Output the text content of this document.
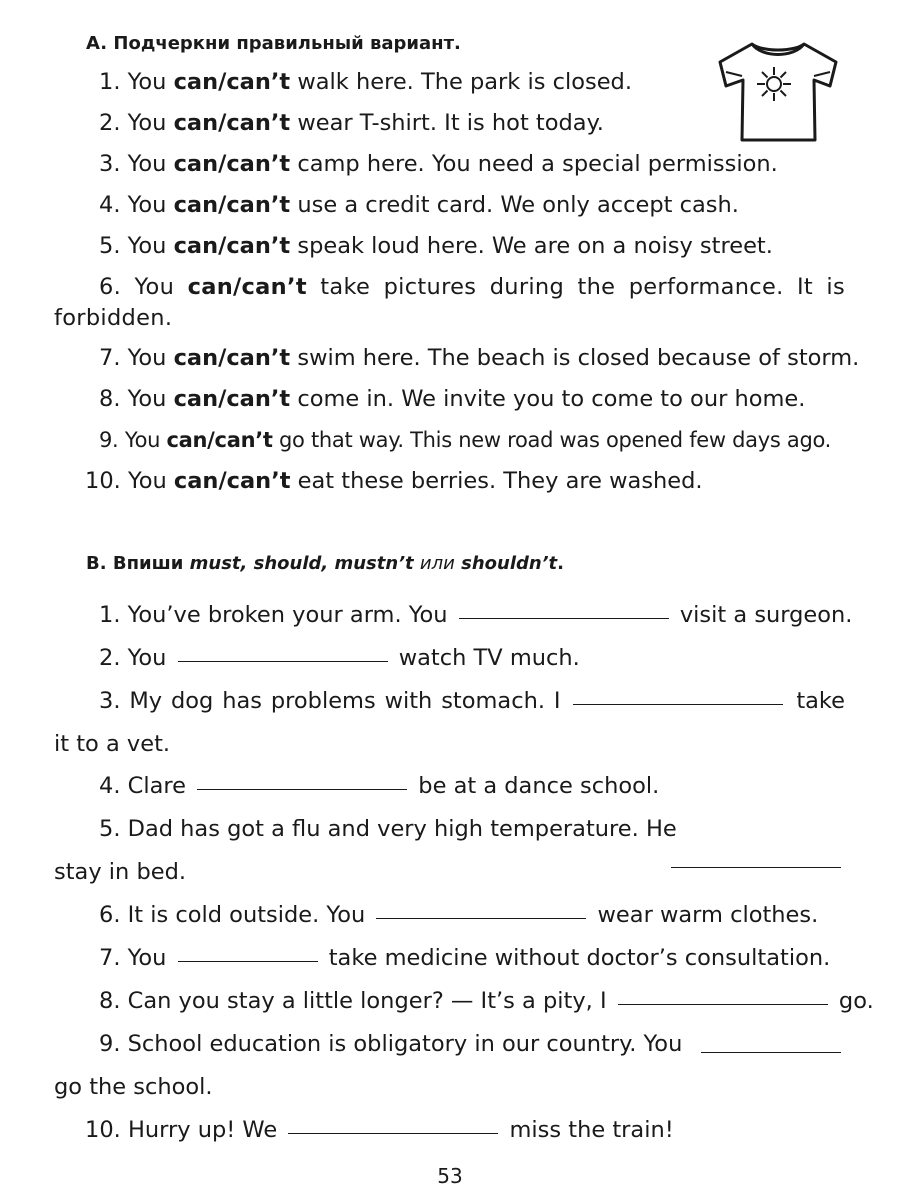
A. Подчеркни правильный вариант.
1. You can/can’t walk here. The park is closed.
2. You can/can’t wear T-shirt. It is hot today.
3. You can/can’t camp here. You need a special permission.
4. You can/can’t use a credit card. We only accept cash.
5. You can/can’t speak loud here. We are on a noisy street.
6. You can/can’t take pictures during the performance. It is forbidden.
7. You can/can’t swim here. The beach is closed because of storm.
8. You can/can’t come in. We invite you to come to our home.
9. You can/can’t go that way. This new road was opened few days ago.
10. You can/can’t eat these berries. They are washed.
B. Впиши must, should, mustn’t или shouldn’t.
1. You’ve broken your arm. You	visit a surgeon.
2. You	watch TV much.
3. My dog has problems with stomach. I	take
it to a vet.
4. Clare	be at a dance school.
5. Dad has got a flu and very high temperature. He
stay in bed.
6. It is cold outside. You	wear warm clothes.
7. You	take medicine without doctor’s consultation.
8. Can you stay a little longer? — It’s a pity, I	go.
9. School education is obligatory in our country. You
go the school.
10. Hurry up! We	miss the train!
53
